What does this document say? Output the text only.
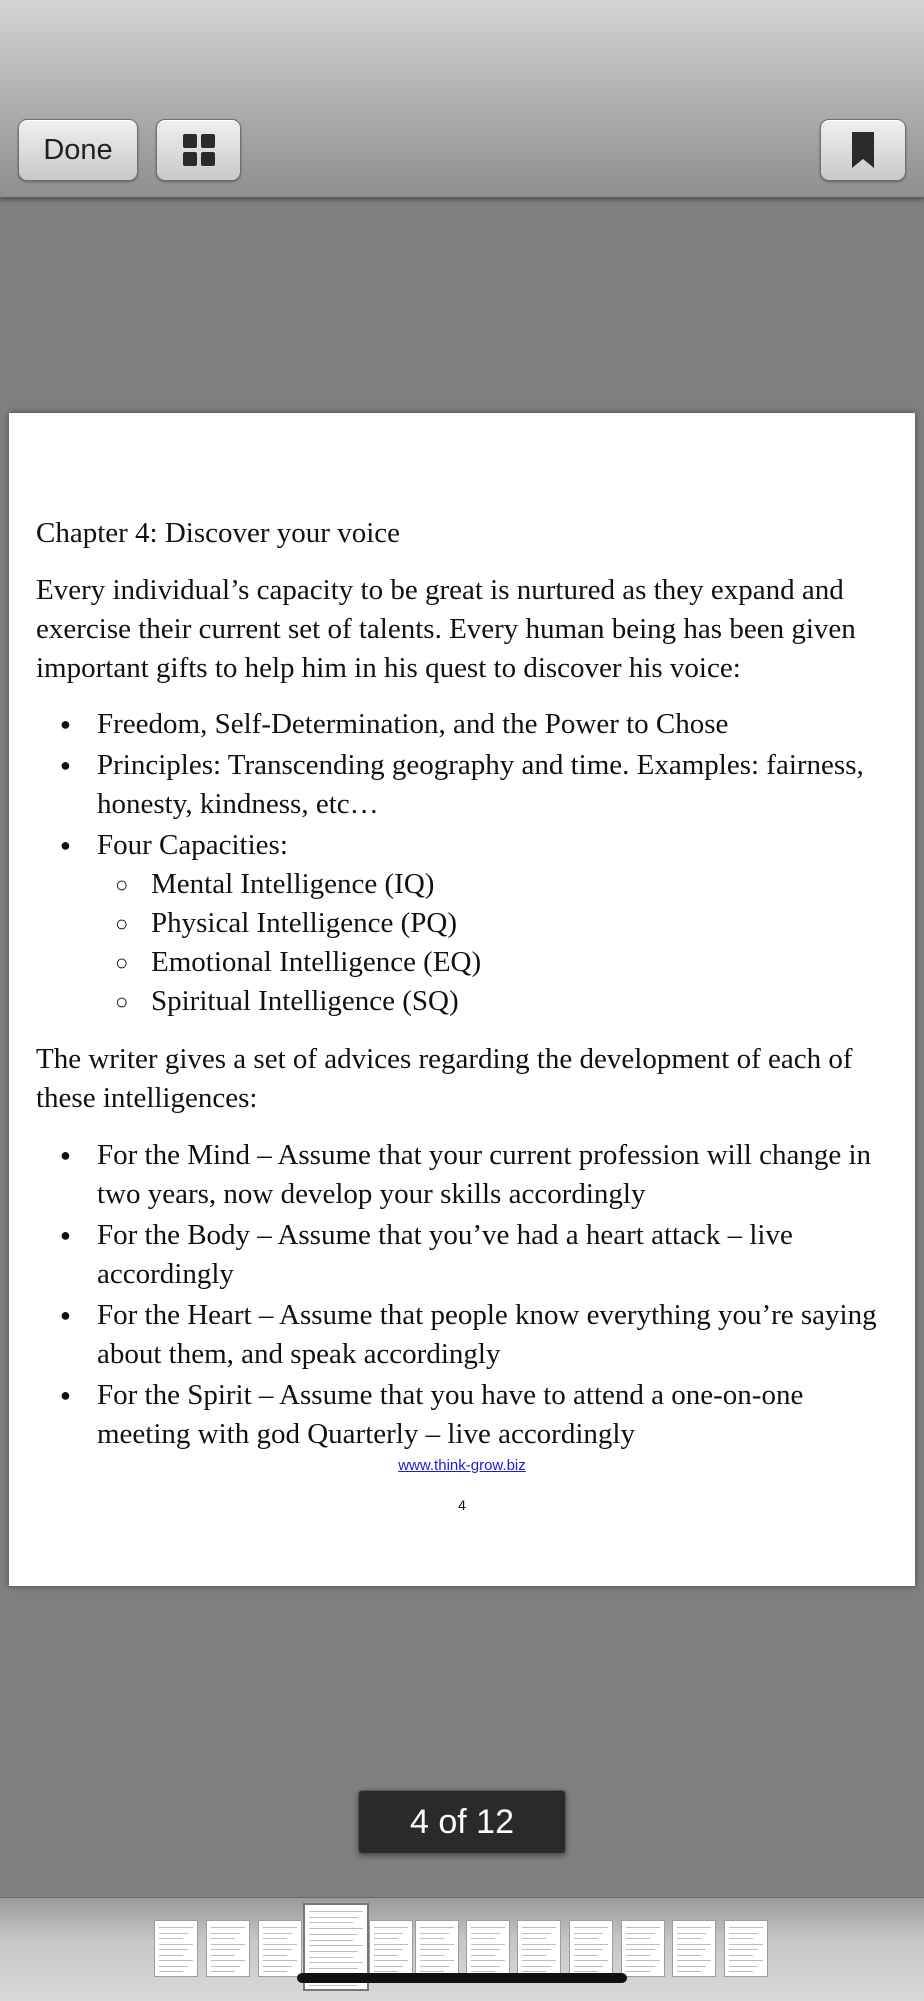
Done
Chapter 4: Discover your voice

Every individual’s capacity to be great is nurtured as they expand and exercise their current set of talents. Every human being has been given important gifts to help him in his quest to discover his voice:

● Freedom, Self-Determination, and the Power to Chose
● Principles: Transcending geography and time. Examples: fairness, honesty, kindness, etc…
● Four Capacities:
○ Mental Intelligence (IQ)
○ Physical Intelligence (PQ)
○ Emotional Intelligence (EQ)
○ Spiritual Intelligence (SQ)

The writer gives a set of advices regarding the development of each of these intelligences:

● For the Mind – Assume that your current profession will change in two years, now develop your skills accordingly
● For the Body – Assume that you’ve had a heart attack – live accordingly
● For the Heart – Assume that people know everything you’re saying about them, and speak accordingly
● For the Spirit – Assume that you have to attend a one-on-one meeting with god Quarterly – live accordingly
www.think-grow.biz
4
4 of 12
